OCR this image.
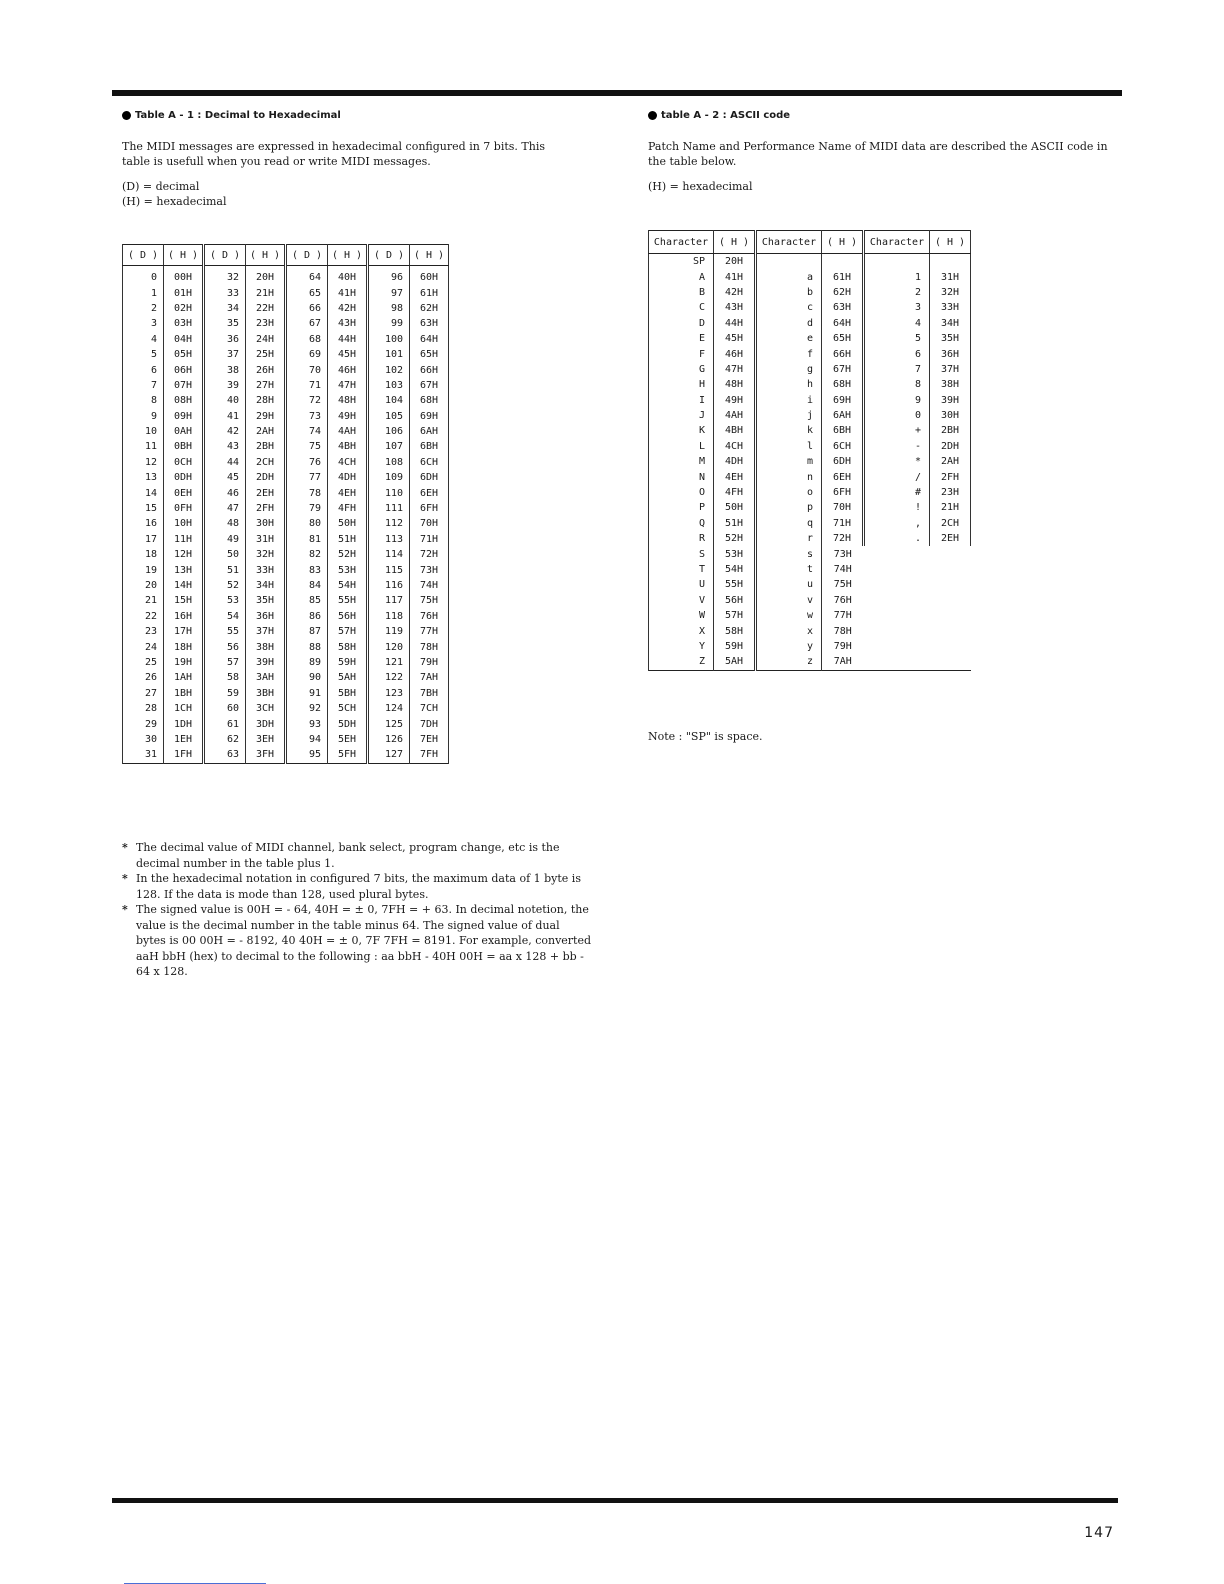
Table A - 1 : Decimal to Hexadecimal

The MIDI messages are expressed in hexadecimal configured in 7 bits. This table is usefull when you read or write MIDI messages.

(D) = decimal

(H) = hexadecimal

( D )	( H )	( D )	( H )	( D )	( H )	( D )	( H )
0	00H	32	20H	64	40H	96	60H
1	01H	33	21H	65	41H	97	61H
2	02H	34	22H	66	42H	98	62H
3	03H	35	23H	67	43H	99	63H
4	04H	36	24H	68	44H	100	64H
5	05H	37	25H	69	45H	101	65H
6	06H	38	26H	70	46H	102	66H
7	07H	39	27H	71	47H	103	67H
8	08H	40	28H	72	48H	104	68H
9	09H	41	29H	73	49H	105	69H
10	0AH	42	2AH	74	4AH	106	6AH
11	0BH	43	2BH	75	4BH	107	6BH
12	0CH	44	2CH	76	4CH	108	6CH
13	0DH	45	2DH	77	4DH	109	6DH
14	0EH	46	2EH	78	4EH	110	6EH
15	0FH	47	2FH	79	4FH	111	6FH
16	10H	48	30H	80	50H	112	70H
17	11H	49	31H	81	51H	113	71H
18	12H	50	32H	82	52H	114	72H
19	13H	51	33H	83	53H	115	73H
20	14H	52	34H	84	54H	116	74H
21	15H	53	35H	85	55H	117	75H
22	16H	54	36H	86	56H	118	76H
23	17H	55	37H	87	57H	119	77H
24	18H	56	38H	88	58H	120	78H
25	19H	57	39H	89	59H	121	79H
26	1AH	58	3AH	90	5AH	122	7AH
27	1BH	59	3BH	91	5BH	123	7BH
28	1CH	60	3CH	92	5CH	124	7CH
29	1DH	61	3DH	93	5DH	125	7DH
30	1EH	62	3EH	94	5EH	126	7EH
31	1FH	63	3FH	95	5FH	127	7FH
* The decimal value of MIDI channel, bank select, program change, etc is the decimal number in the table plus 1.
* In the hexadecimal notation in configured 7 bits, the maximum data of 1 byte is 128. If the data is mode than 128, used plural bytes.
* The signed value is 00H = - 64, 40H = ± 0, 7FH = + 63. In decimal notetion, the value is the decimal number in the table minus 64. The signed value of dual bytes is 00 00H = - 8192, 40 40H = ± 0, 7F 7FH = 8191. For example, converted aaH bbH (hex) to decimal to the following : aa bbH - 40H 00H = aa x 128 + bb - 64 x 128.
table A - 2 : ASCII code

Patch Name and Performance Name of MIDI data are described the ASCII code in the table below.

(H) = hexadecimal

Character	( H )	Character	( H )	Character	( H )
SP	20H				
A	41H	a	61H	1	31H
B	42H	b	62H	2	32H
C	43H	c	63H	3	33H
D	44H	d	64H	4	34H
E	45H	e	65H	5	35H
F	46H	f	66H	6	36H
G	47H	g	67H	7	37H
H	48H	h	68H	8	38H
I	49H	i	69H	9	39H
J	4AH	j	6AH	0	30H
K	4BH	k	6BH	+	2BH
L	4CH	l	6CH	-	2DH
M	4DH	m	6DH	*	2AH
N	4EH	n	6EH	/	2FH
O	4FH	o	6FH	#	23H
P	50H	p	70H	!	21H
Q	51H	q	71H	,	2CH
R	52H	r	72H	.	2EH
S	53H	s	73H		
T	54H	t	74H		
U	55H	u	75H		
V	56H	v	76H		
W	57H	w	77H		
X	58H	x	78H		
Y	59H	y	79H		
Z	5AH	z	7AH		
Note : "SP" is space.
147
